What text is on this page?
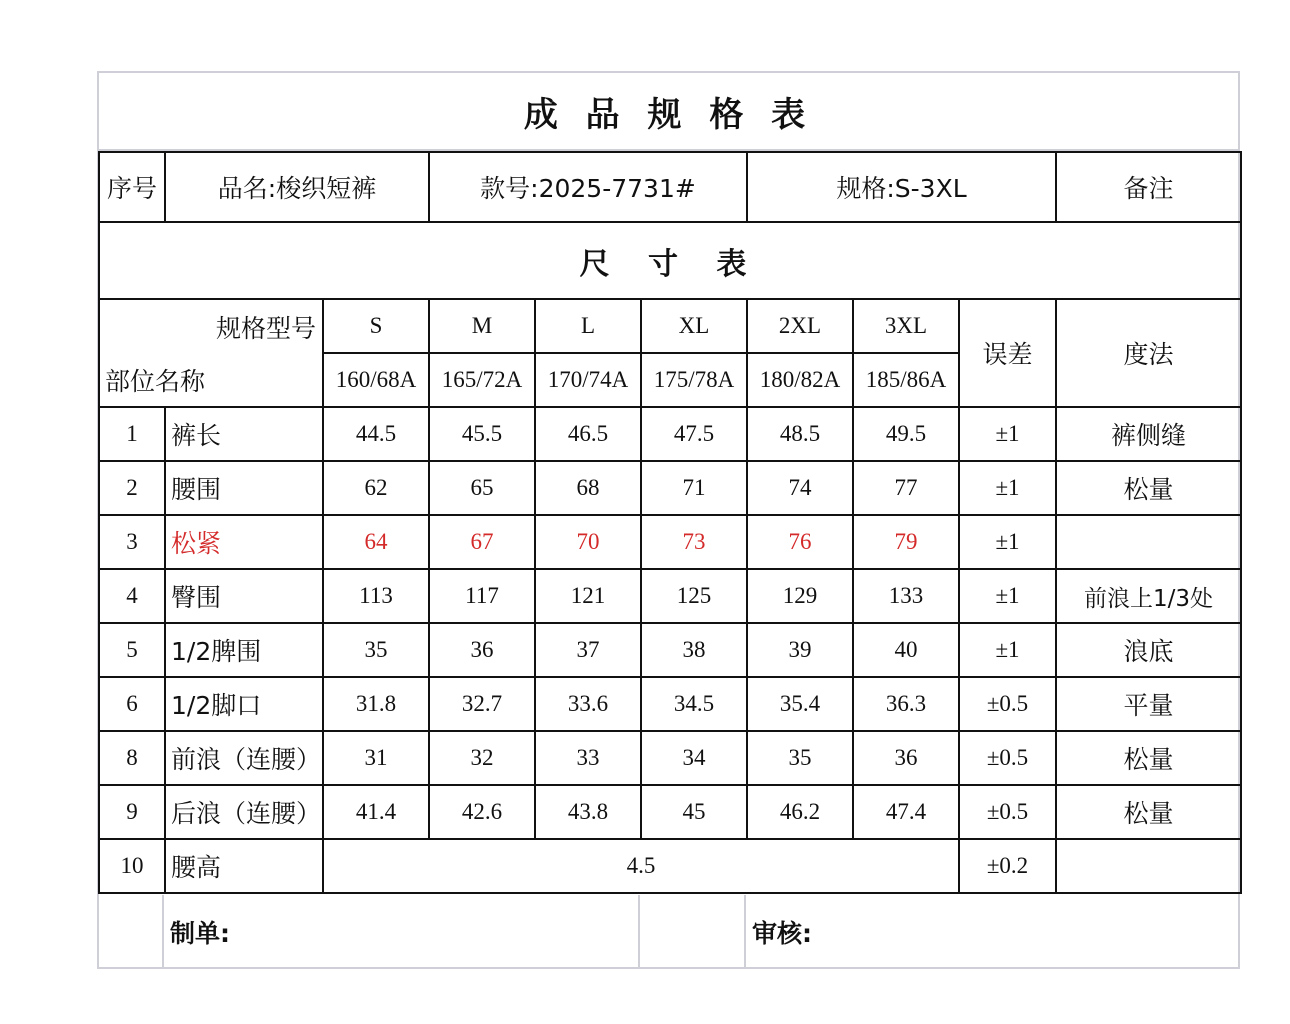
成 品 规 格 表
序号	品名:梭织短裤		款号:2025-7731#			规格:S-3XL			备注
尺 寸 表									
规格型号		S	M	L	XL	2XL	3XL	误差	度法
部位名称		160/68A	165/72A	170/74A	175/78A	180/82A	185/86A		
1	裤长	44.5	45.5	46.5	47.5	48.5	49.5	±1	裤侧缝
2	腰围	62	65	68	71	74	77	±1	松量
3	松紧	64	67	70	73	76	79	±1	
4	臀围	113	117	121	125	129	133	±1	前浪上1/3处
5	1/2脾围	35	36	37	38	39	40	±1	浪底
6	1/2脚口	31.8	32.7	33.6	34.5	35.4	36.3	±0.5	平量
8	前浪（连腰）	31	32	33	34	35	36	±0.5	松量
9	后浪（连腰）	41.4	42.6	43.8	45	46.2	47.4	±0.5	松量
10	腰高	4.5						±0.2	
制单:	审核:
